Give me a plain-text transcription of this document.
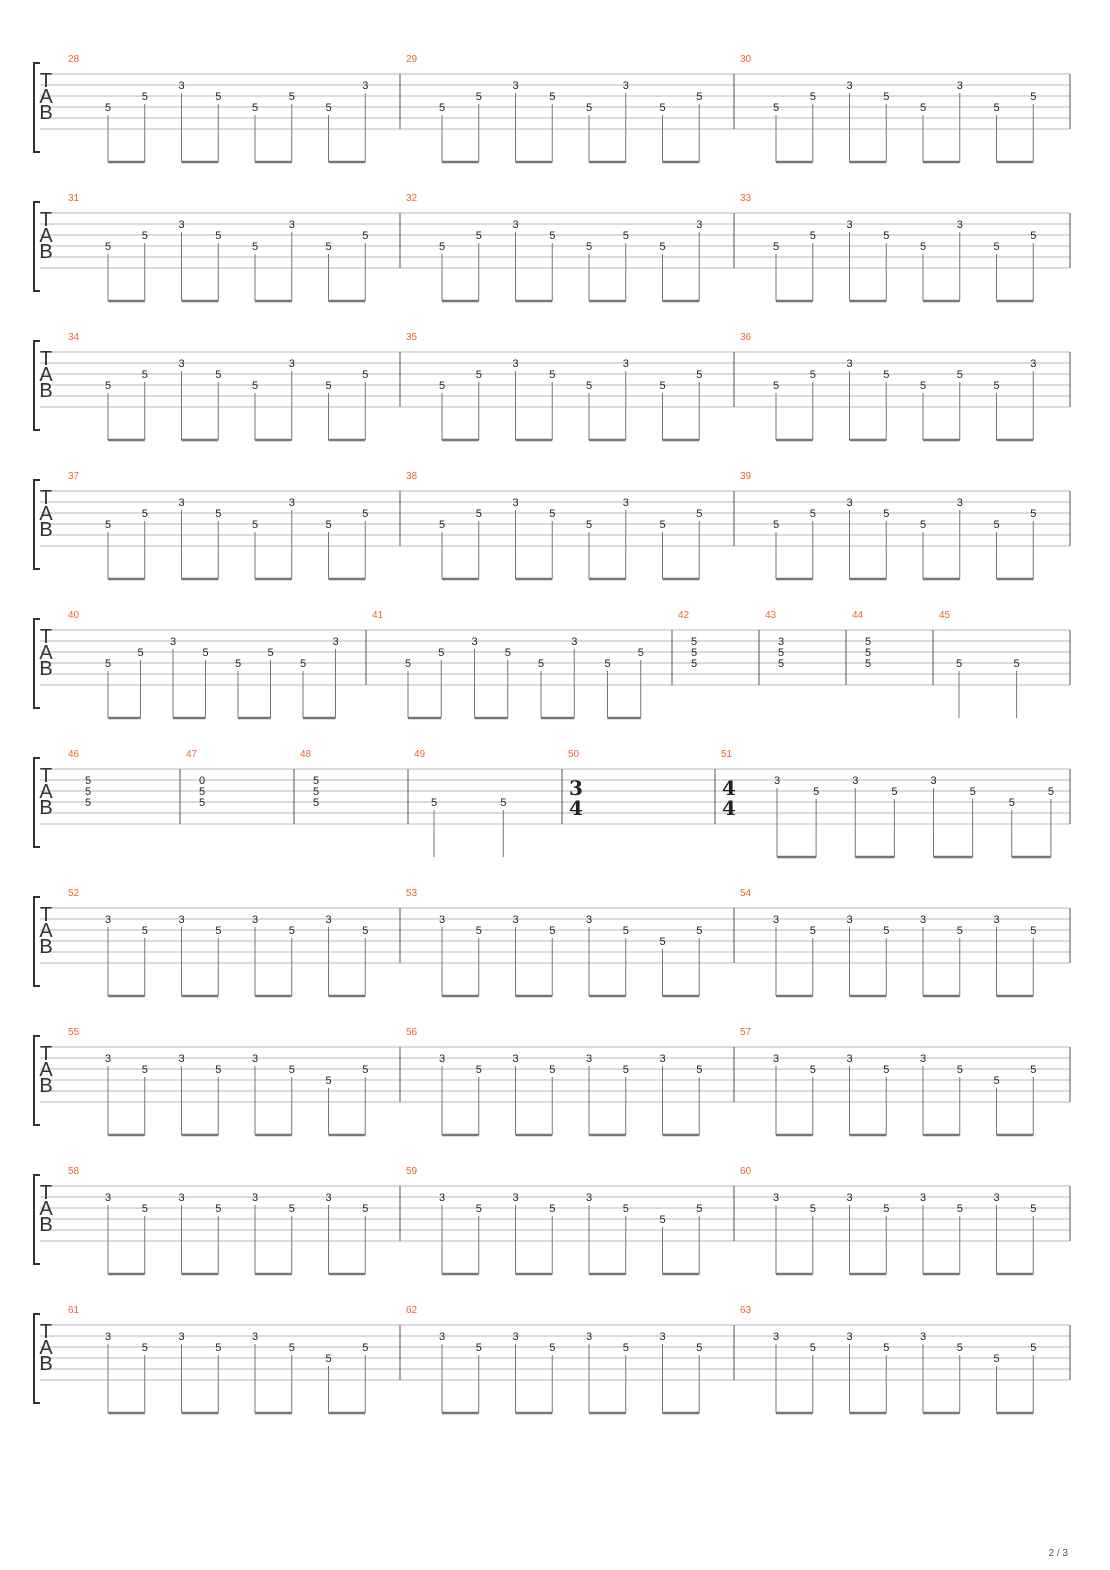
T
A
B
28
5
5
3
5
5
5
5
3
29
5
5
3
5
5
3
5
5
30
5
5
3
5
5
3
5
5
T
A
B
31
5
5
3
5
5
3
5
5
32
5
5
3
5
5
5
5
3
33
5
5
3
5
5
3
5
5
T
A
B
34
5
5
3
5
5
3
5
5
35
5
5
3
5
5
3
5
5
36
5
5
3
5
5
5
5
3
T
A
B
37
5
5
3
5
5
3
5
5
38
5
5
3
5
5
3
5
5
39
5
5
3
5
5
3
5
5
T
A
B
40
5
5
3
5
5
5
5
3
41
5
5
3
5
5
3
5
5
42
5
5
5
43
3
5
5
44
5
5
5
45
5	5
T
A
B
46
5
5
5
47
0
5
5
48
5
5
5
49
5	5
50
3
4
51
4
4
3
5
3
5
3
5
5
5
T
A
B
52
3
5
3
5
3
5
3
5
53
3
5
3
5
3
5
5
5
54
3
5
3
5
3
5
3
5
T
A
B
55
3
5
3
5
3
5
5
5
56
3
5
3
5
3
5
3
5
57
3
5
3
5
3
5
5
5
T
A
B
58
3
5
3
5
3
5
3
5
59
3
5
3
5
3
5
5
5
60
3
5
3
5
3
5
3
5
T
A
B
61
3
5
3
5
3
5
5
5
62
3
5
3
5
3
5
3
5
63
3
5
3
5
3
5
5
5
2 / 3
